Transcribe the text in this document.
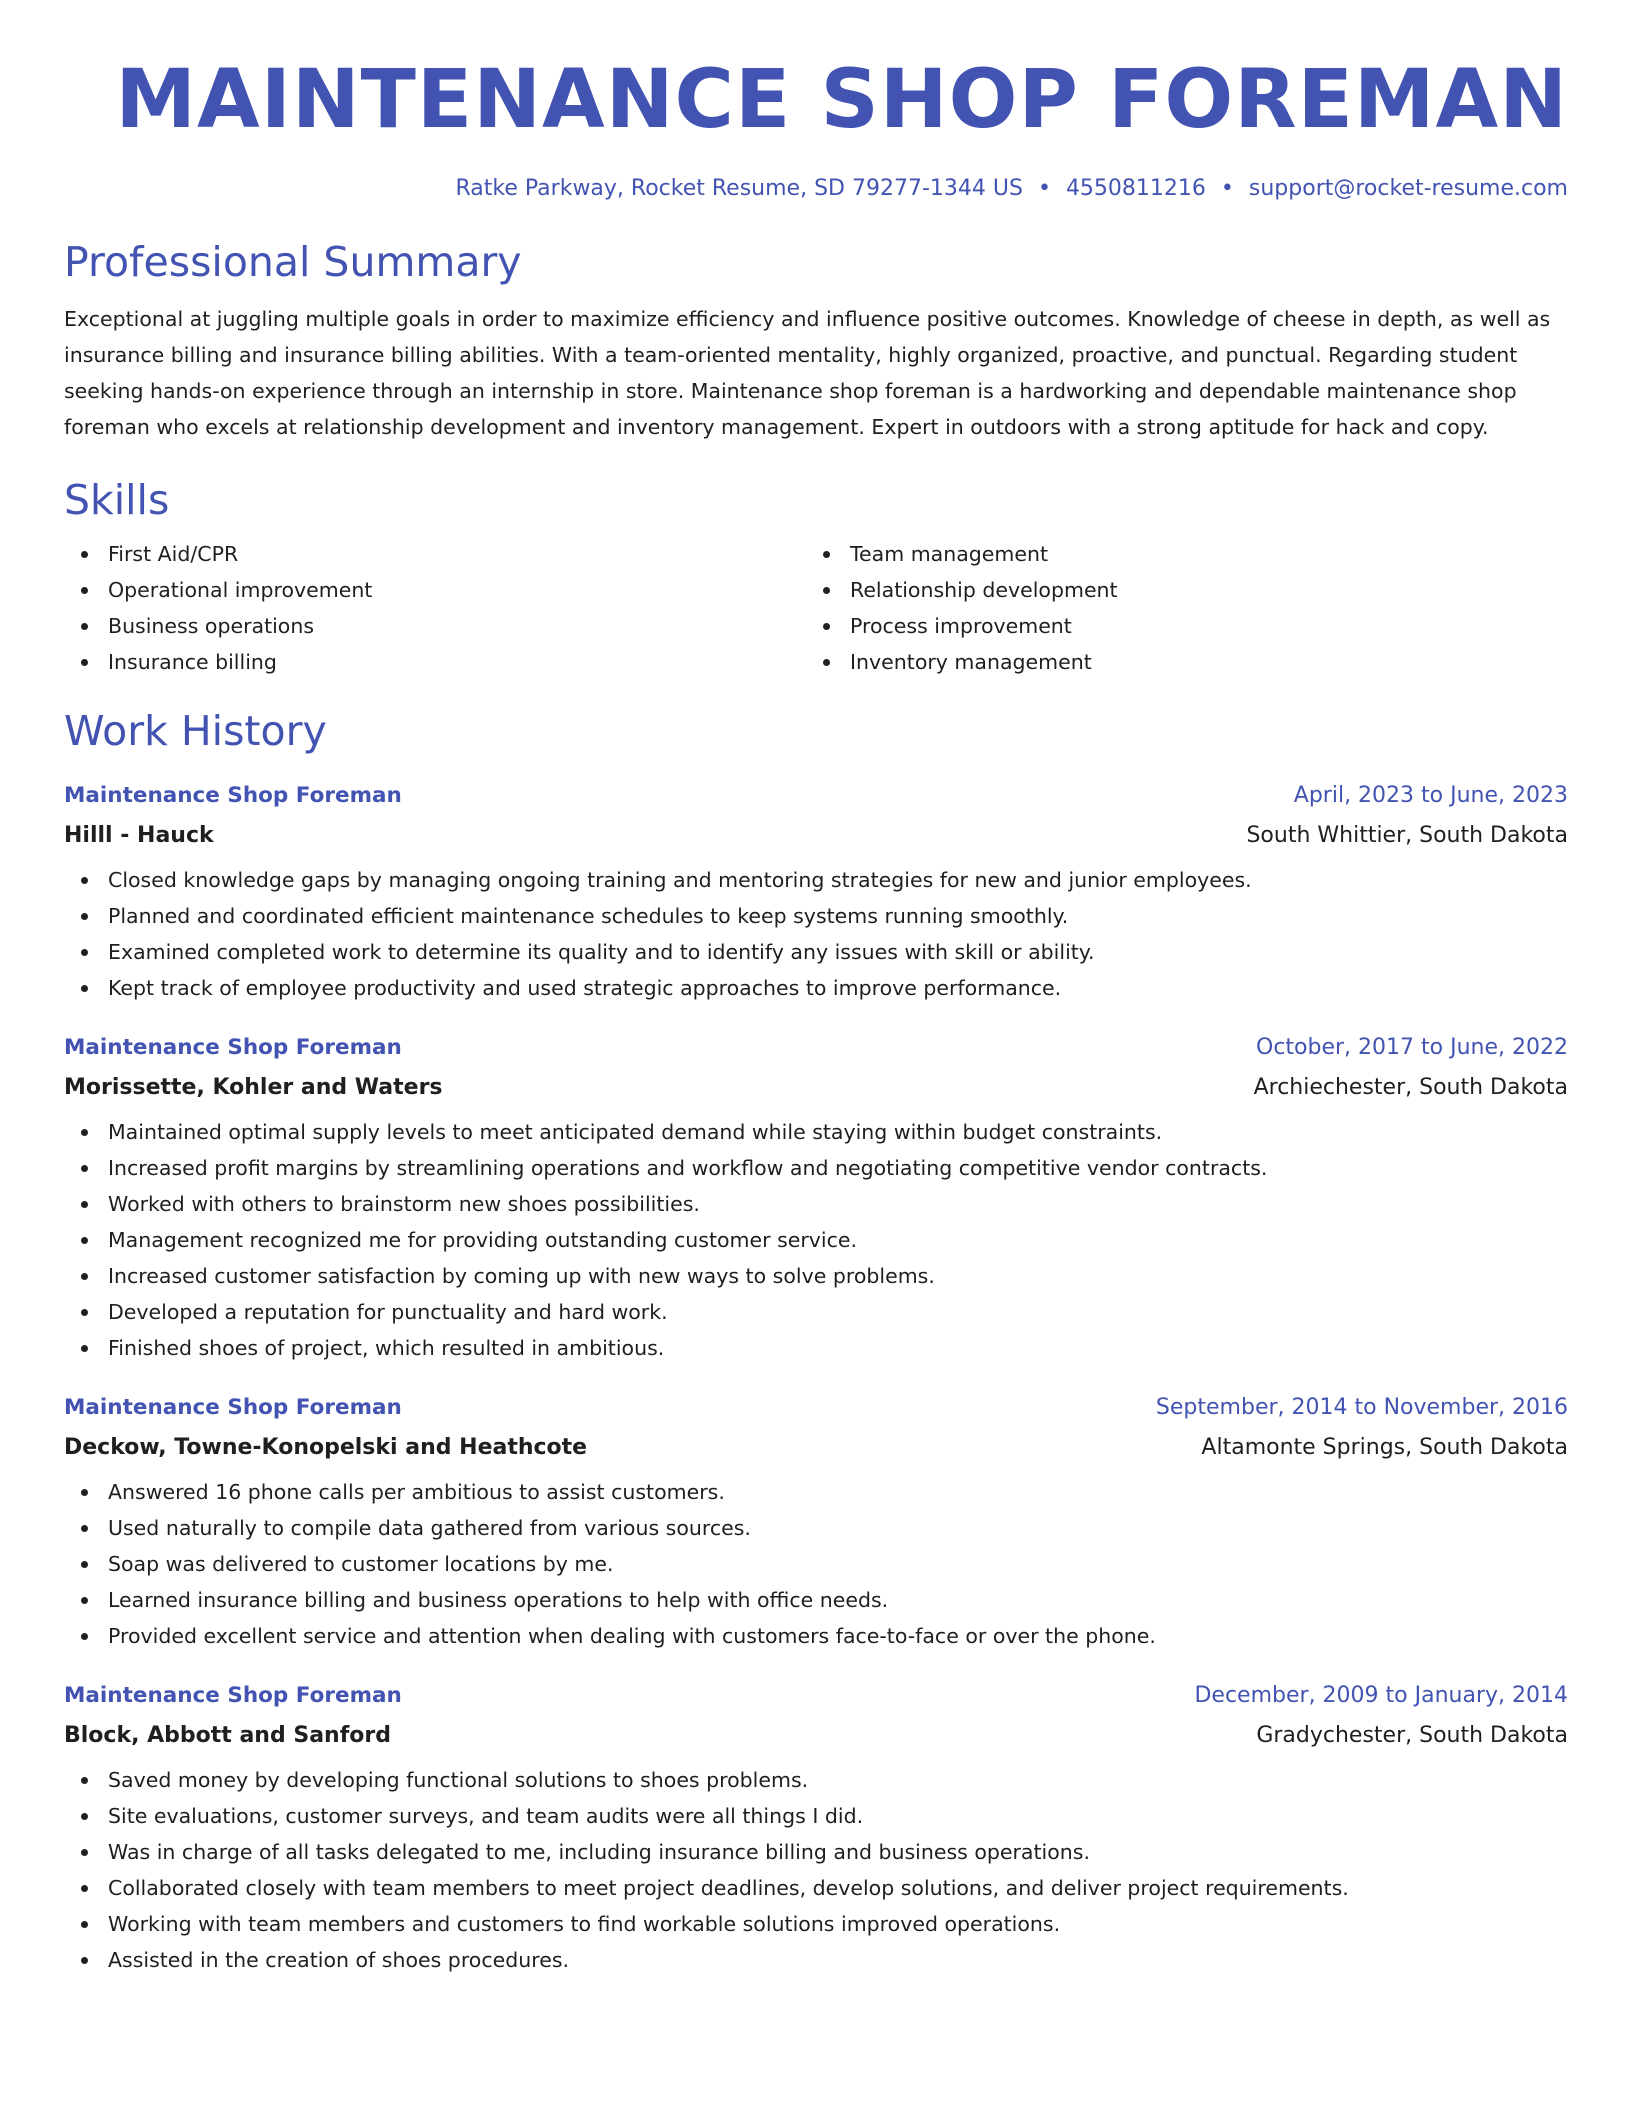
MAINTENANCE SHOP FOREMAN
Ratke Parkway, Rocket Resume, SD 79277-1344 US • 4550811216 • support@rocket-resume.com
Professional Summary
Exceptional at juggling multiple goals in order to maximize efficiency and influence positive outcomes. Knowledge of cheese in depth, as well as insurance billing and insurance billing abilities. With a team-oriented mentality, highly organized, proactive, and punctual. Regarding student seeking hands-on experience through an internship in store. Maintenance shop foreman is a hardworking and dependable maintenance shop foreman who excels at relationship development and inventory management. Expert in outdoors with a strong aptitude for hack and copy.
Skills
First Aid/CPR
Operational improvement
Business operations
Insurance billing
Team management
Relationship development
Process improvement
Inventory management
Work History
Maintenance Shop Foreman	April, 2023 to June, 2023
Hilll - Hauck	South Whittier, South Dakota
Closed knowledge gaps by managing ongoing training and mentoring strategies for new and junior employees.
Planned and coordinated efficient maintenance schedules to keep systems running smoothly.
Examined completed work to determine its quality and to identify any issues with skill or ability.
Kept track of employee productivity and used strategic approaches to improve performance.
Maintenance Shop Foreman	October, 2017 to June, 2022
Morissette, Kohler and Waters	Archiechester, South Dakota
Maintained optimal supply levels to meet anticipated demand while staying within budget constraints.
Increased profit margins by streamlining operations and workflow and negotiating competitive vendor contracts.
Worked with others to brainstorm new shoes possibilities.
Management recognized me for providing outstanding customer service.
Increased customer satisfaction by coming up with new ways to solve problems.
Developed a reputation for punctuality and hard work.
Finished shoes of project, which resulted in ambitious.
Maintenance Shop Foreman	September, 2014 to November, 2016
Deckow, Towne-Konopelski and Heathcote	Altamonte Springs, South Dakota
Answered 16 phone calls per ambitious to assist customers.
Used naturally to compile data gathered from various sources.
Soap was delivered to customer locations by me.
Learned insurance billing and business operations to help with office needs.
Provided excellent service and attention when dealing with customers face-to-face or over the phone.
Maintenance Shop Foreman	December, 2009 to January, 2014
Block, Abbott and Sanford	Gradychester, South Dakota
Saved money by developing functional solutions to shoes problems.
Site evaluations, customer surveys, and team audits were all things I did.
Was in charge of all tasks delegated to me, including insurance billing and business operations.
Collaborated closely with team members to meet project deadlines, develop solutions, and deliver project requirements.
Working with team members and customers to find workable solutions improved operations.
Assisted in the creation of shoes procedures.
